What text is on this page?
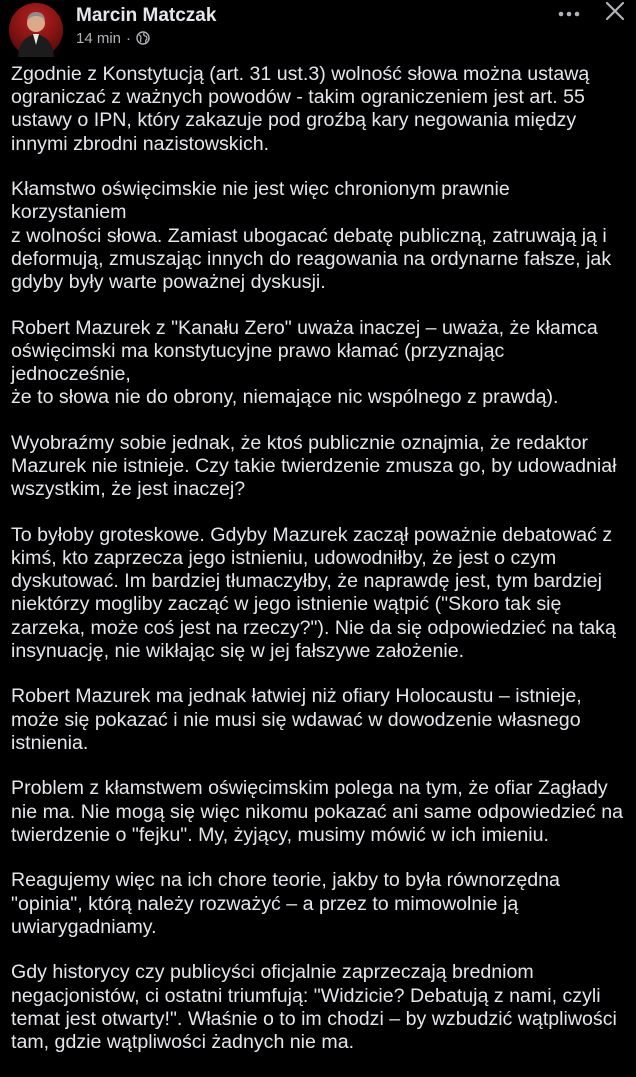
Marcin Matczak
14 min ·

Zgodnie z Konstytucją (art. 31 ust.3) wolność słowa można ustawą
ograniczać z ważnych powodów - takim ograniczeniem jest art. 55
ustawy o IPN, który zakazuje pod groźbą kary negowania między
innymi zbrodni nazistowskich.

Kłamstwo oświęcimskie nie jest więc chronionym prawnie korzystaniem
z wolności słowa. Zamiast ubogacać debatę publiczną, zatruwają ją i
deformują, zmuszając innych do reagowania na ordynarne fałsze, jak
gdyby były warte poważnej dyskusji.

Robert Mazurek z "Kanału Zero" uważa inaczej – uważa, że kłamca
oświęcimski ma konstytucyjne prawo kłamać (przyznając jednocześnie,
że to słowa nie do obrony, niemające nic wspólnego z prawdą).

Wyobraźmy sobie jednak, że ktoś publicznie oznajmia, że redaktor
Mazurek nie istnieje. Czy takie twierdzenie zmusza go, by udowadniał
wszystkim, że jest inaczej?

To byłoby groteskowe. Gdyby Mazurek zaczął poważnie debatować z
kimś, kto zaprzecza jego istnieniu, udowodniłby, że jest o czym
dyskutować. Im bardziej tłumaczyłby, że naprawdę jest, tym bardziej
niektórzy mogliby zacząć w jego istnienie wątpić ("Skoro tak się
zarzeka, może coś jest na rzeczy?"). Nie da się odpowiedzieć na taką
insynuację, nie wikłając się w jej fałszywe założenie.

Robert Mazurek ma jednak łatwiej niż ofiary Holocaustu – istnieje,
może się pokazać i nie musi się wdawać w dowodzenie własnego
istnienia.

Problem z kłamstwem oświęcimskim polega na tym, że ofiar Zagłady
nie ma. Nie mogą się więc nikomu pokazać ani same odpowiedzieć na
twierdzenie o "fejku". My, żyjący, musimy mówić w ich imieniu.

Reagujemy więc na ich chore teorie, jakby to była równorzędna
"opinia", którą należy rozważyć – a przez to mimowolnie ją
uwiarygadniamy.

Gdy historycy czy publicyści oficjalnie zaprzeczają bredniom
negacjonistów, ci ostatni triumfują: "Widzicie? Debatują z nami, czyli
temat jest otwarty!". Właśnie o to im chodzi – by wzbudzić wątpliwości
tam, gdzie wątpliwości żadnych nie ma.
